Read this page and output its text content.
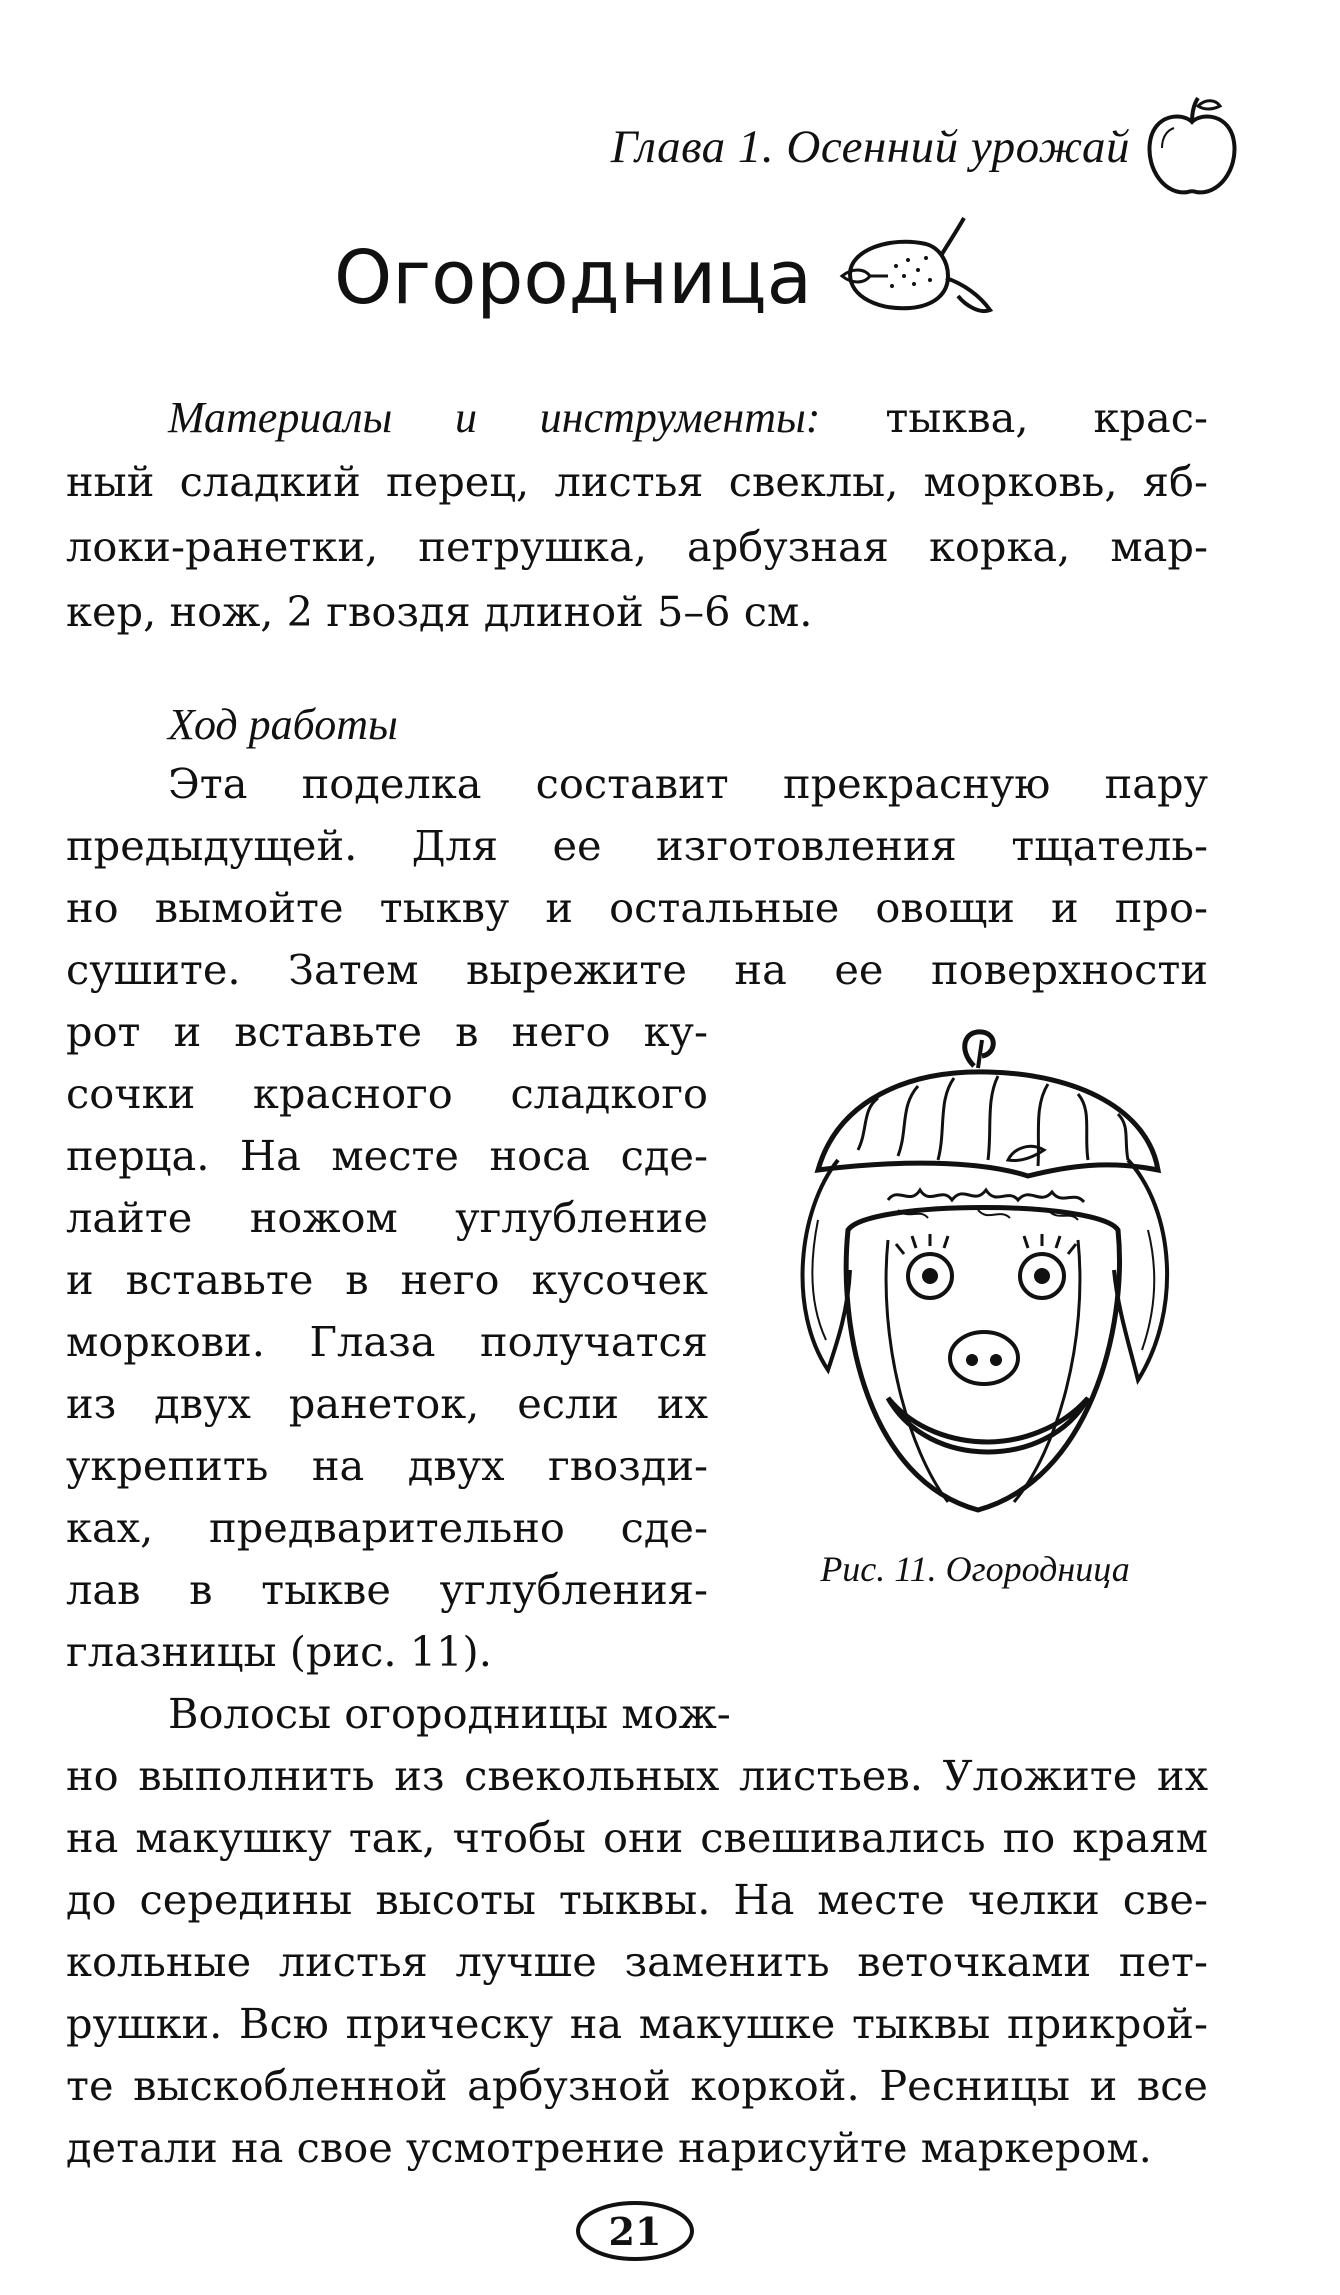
Глава 1. Осенний урожай
Огородница
Материалы и инструменты: тыква, крас-
ный сладкий перец, листья свеклы, морковь, яб-
локи-ранетки, петрушка, арбузная корка, мар-
кер, нож, 2 гвоздя длиной 5–6 см.
Ход работы
Эта поделка составит прекрасную пару
предыдущей. Для ее изготовления тщатель-
но вымойте тыкву и остальные овощи и про-
сушите. Затем вырежите на ее поверхности
рот и вставьте в него ку-
сочки красного сладкого
перца. На месте носа сде-
лайте ножом углубление
и вставьте в него кусочек
моркови. Глаза получатся
из двух ранеток, если их
укрепить на двух гвозди-
ках, предварительно сде-
лав в тыкве углубления-
глазницы (рис. 11).
Волосы огородницы мож-
но выполнить из свекольных листьев. Уложите их
на макушку так, чтобы они свешивались по краям
до середины высоты тыквы. На месте челки све-
кольные листья лучше заменить веточками пет-
рушки. Всю прическу на макушке тыквы прикрой-
те выскобленной арбузной коркой. Ресницы и все
Рис. 11. Огородница
21
детали на свое усмотрение нарисуйте маркером.
